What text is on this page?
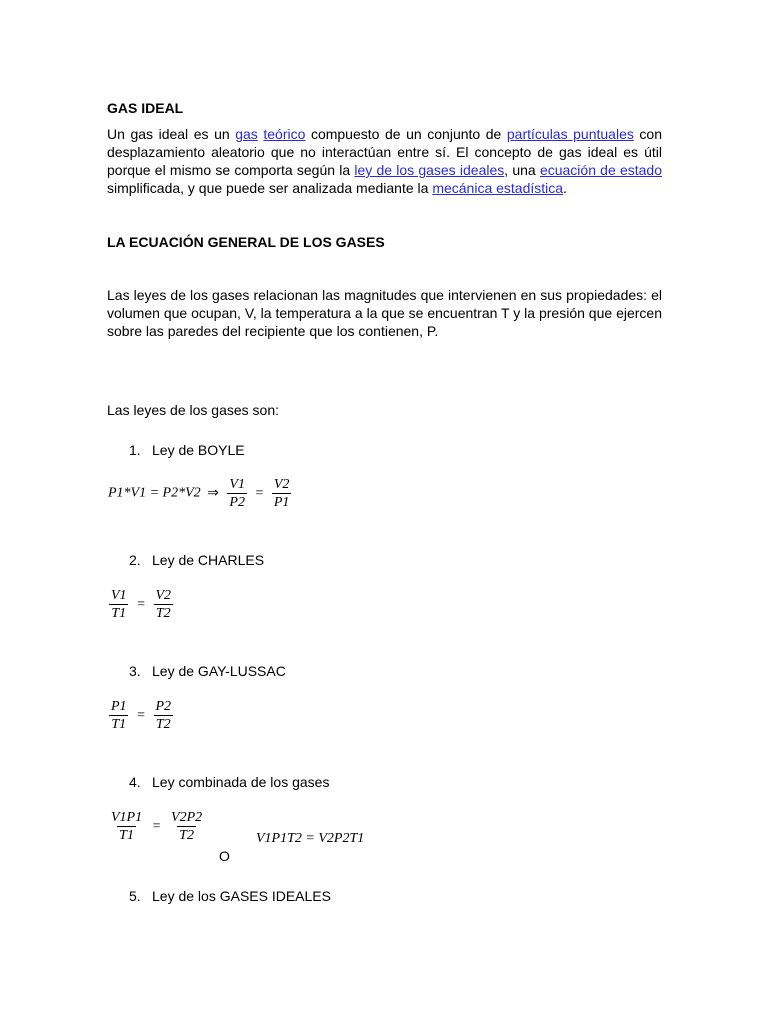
GAS IDEAL
Un gas ideal es un gas teórico compuesto de un conjunto de partículas puntuales con desplazamiento aleatorio que no interactúan entre sí. El concepto de gas ideal es útil porque el mismo se comporta según la ley de los gases ideales, una ecuación de estado simplificada, y que puede ser analizada mediante la mecánica estadística.
LA ECUACIÓN GENERAL DE LOS GASES
Las leyes de los gases relacionan las magnitudes que intervienen en sus propiedades: el volumen que ocupan, V, la temperatura a la que se encuentran T y la presión que ejercen sobre las paredes del recipiente que los contienen, P.
Las leyes de los gases son:
1. Ley de BOYLE
P1*V1 = P2*V2 ⇒ $\frac{V1}{P2} = \frac{V2}{P1}$
2. Ley de CHARLES
$\frac{V1}{T1} = \frac{V2}{T2}$
3. Ley de GAY-LUSSAC
$\frac{P1}{T1} = \frac{P2}{T2}$
4. Ley combinada de los gases
$\frac{V1P1}{T1} = \frac{V2P2}{T2}$	V1P1T2 = V2P2T1
O
5. Ley de los GASES IDEALES
